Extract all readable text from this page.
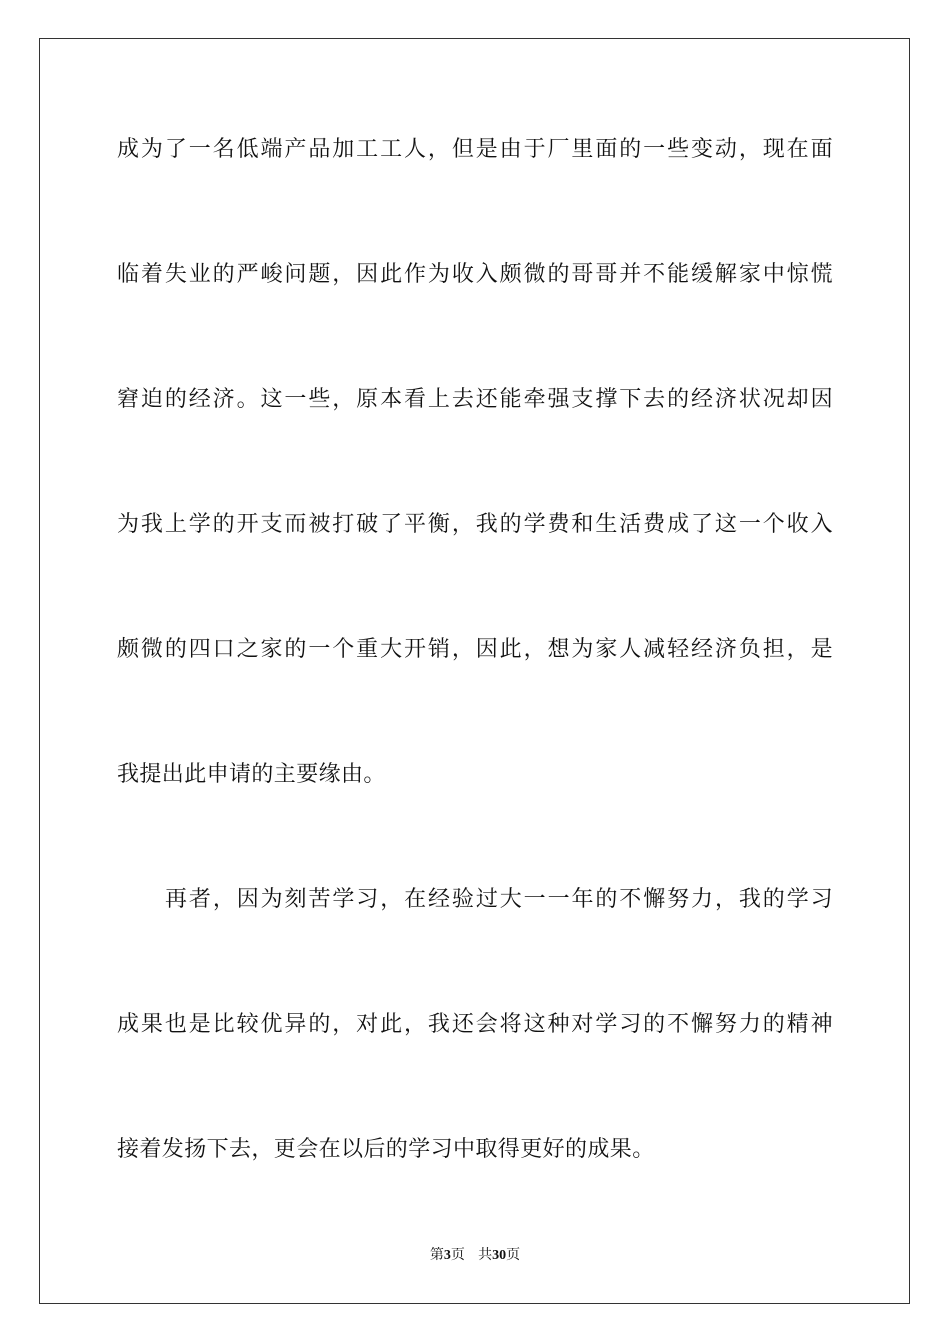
成为了一名低端产品加工工人，但是由于厂里面的一些变动，现在面
临着失业的严峻问题，因此作为收入颇微的哥哥并不能缓解家中惊慌
窘迫的经济。这一些，原本看上去还能牵强支撑下去的经济状况却因
为我上学的开支而被打破了平衡，我的学费和生活费成了这一个收入
颇微的四口之家的一个重大开销，因此，想为家人减轻经济负担，是
我提出此申请的主要缘由。
再者，因为刻苦学习，在经验过大一一年的不懈努力，我的学习
成果也是比较优异的，对此，我还会将这种对学习的不懈努力的精神
接着发扬下去，更会在以后的学习中取得更好的成果。
第3页 共30页
